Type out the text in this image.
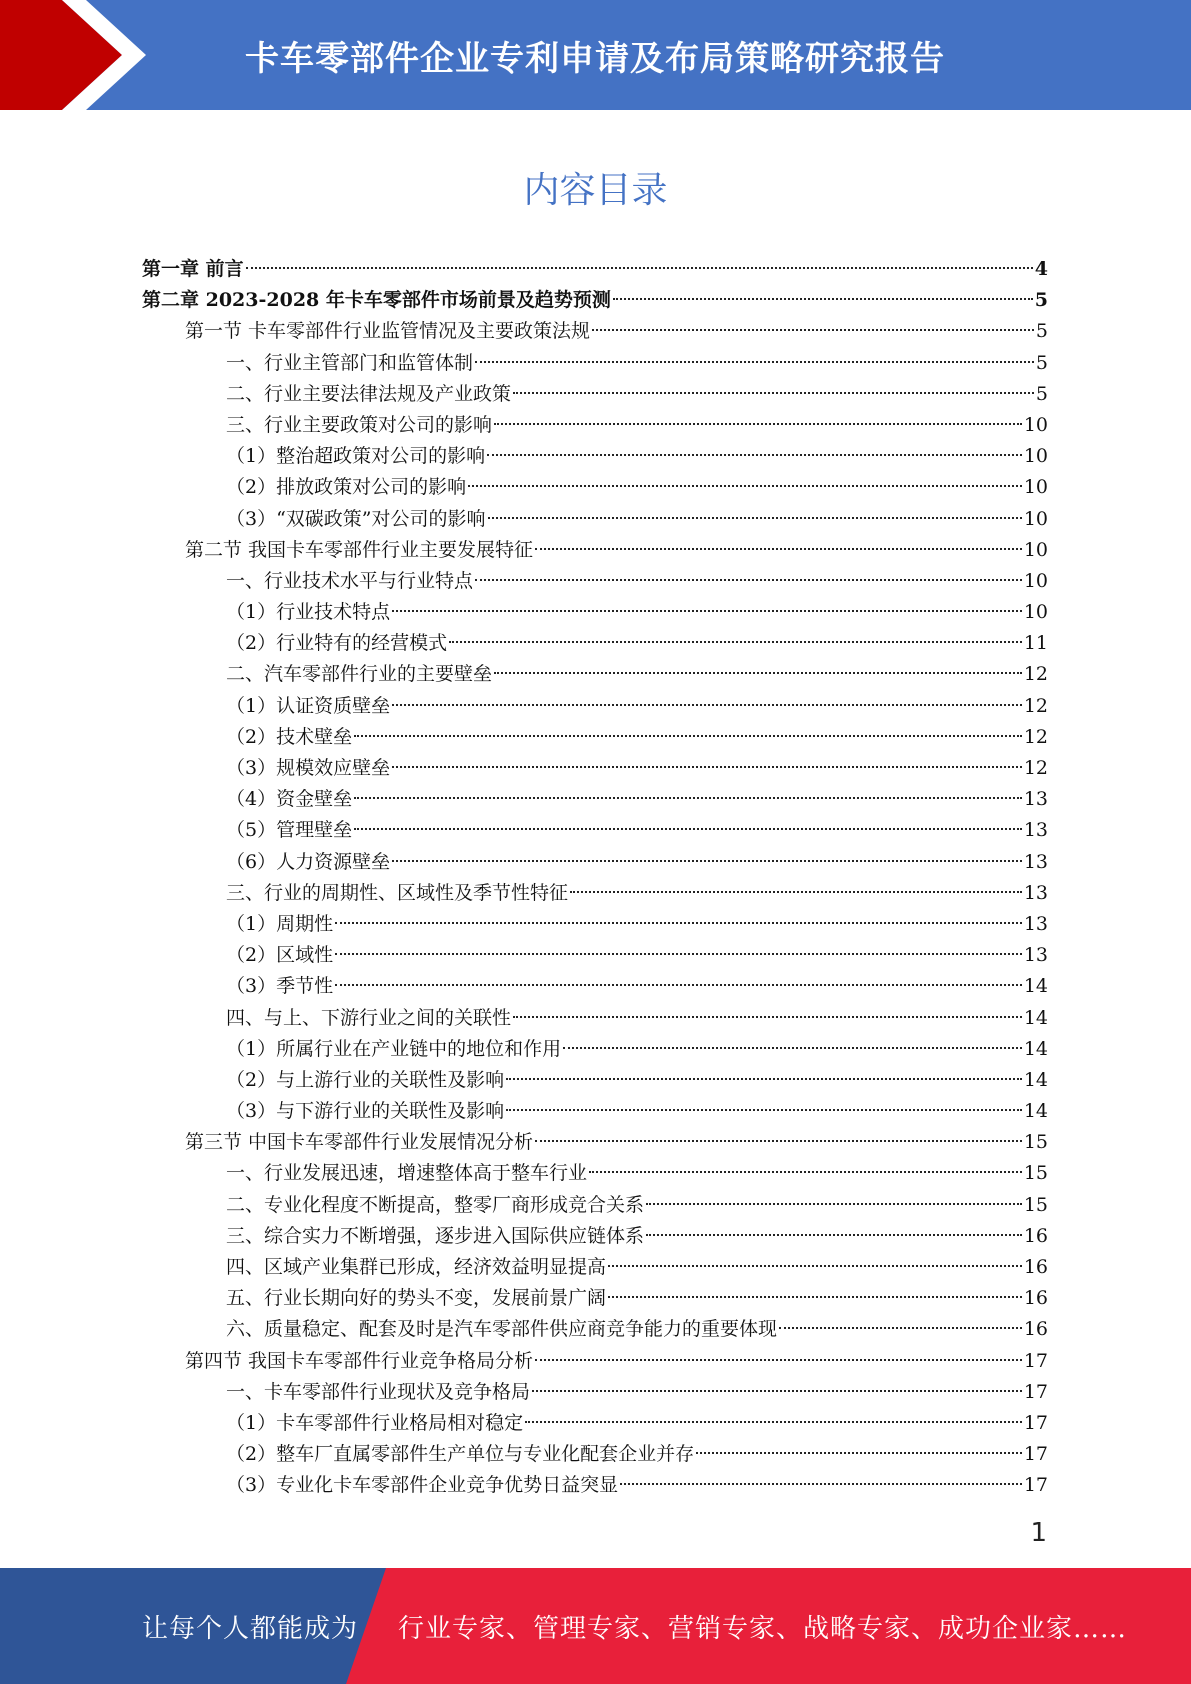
卡车零部件企业专利申请及布局策略研究报告
内容目录
第一章 前言	4
第二章 2023-2028 年卡车零部件市场前景及趋势预测	5
第一节 卡车零部件行业监管情况及主要政策法规	5
一、行业主管部门和监管体制	5
二、行业主要法律法规及产业政策	5
三、行业主要政策对公司的影响	10
（1）整治超政策对公司的影响	10
（2）排放政策对公司的影响	10
（3）“双碳政策”对公司的影响	10
第二节 我国卡车零部件行业主要发展特征	10
一、行业技术水平与行业特点	10
（1）行业技术特点	10
（2）行业特有的经营模式	11
二、汽车零部件行业的主要壁垒	12
（1）认证资质壁垒	12
（2）技术壁垒	12
（3）规模效应壁垒	12
（4）资金壁垒	13
（5）管理壁垒	13
（6）人力资源壁垒	13
三、行业的周期性、区域性及季节性特征	13
（1）周期性	13
（2）区域性	13
（3）季节性	14
四、与上、下游行业之间的关联性	14
（1）所属行业在产业链中的地位和作用	14
（2）与上游行业的关联性及影响	14
（3）与下游行业的关联性及影响	14
第三节 中国卡车零部件行业发展情况分析	15
一、行业发展迅速，增速整体高于整车行业	15
二、专业化程度不断提高，整零厂商形成竞合关系	15
三、综合实力不断增强，逐步进入国际供应链体系	16
四、区域产业集群已形成，经济效益明显提高	16
五、行业长期向好的势头不变，发展前景广阔	16
六、质量稳定、配套及时是汽车零部件供应商竞争能力的重要体现	16
第四节 我国卡车零部件行业竞争格局分析	17
一、卡车零部件行业现状及竞争格局	17
（1）卡车零部件行业格局相对稳定	17
（2）整车厂直属零部件生产单位与专业化配套企业并存	17
（3）专业化卡车零部件企业竞争优势日益突显	17
1
让每个人都能成为 行业专家、管理专家、营销专家、战略专家、成功企业家……
